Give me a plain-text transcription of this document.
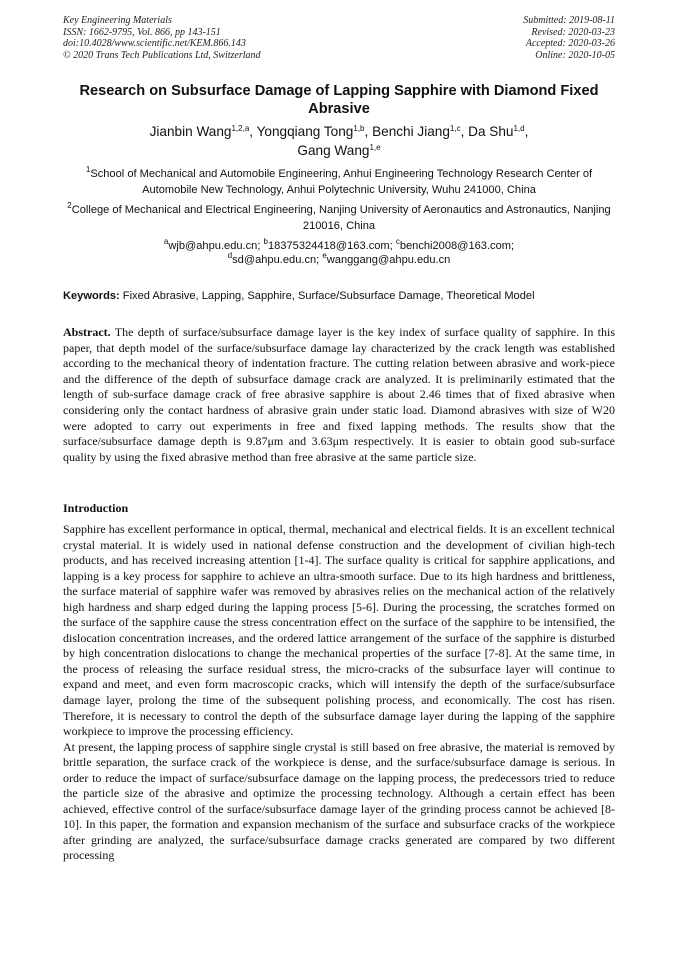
Key Engineering Materials
ISSN: 1662-9795, Vol. 866, pp 143-151
doi:10.4028/www.scientific.net/KEM.866.143
© 2020 Trans Tech Publications Ltd, Switzerland
Submitted: 2019-08-11
Revised: 2020-03-23
Accepted: 2020-03-26
Online: 2020-10-05
Research on Subsurface Damage of Lapping Sapphire with Diamond Fixed Abrasive
Jianbin Wang$^{1,2,a}$, Yongqiang Tong$^{1,b}$, Benchi Jiang$^{1,c}$, Da Shu$^{1,d}$,
Gang Wang$^{1,e}$
$^1$School of Mechanical and Automobile Engineering, Anhui Engineering Technology Research Center of Automobile New Technology, Anhui Polytechnic University, Wuhu 241000, China
$^2$College of Mechanical and Electrical Engineering, Nanjing University of Aeronautics and Astronautics, Nanjing 210016, China
$^a$wjb@ahpu.edu.cn; $^b$18375324418@163.com; $^c$benchi2008@163.com;
$^d$sd@ahpu.edu.cn; $^e$wanggang@ahpu.edu.cn
Keywords: Fixed Abrasive, Lapping, Sapphire, Surface/Subsurface Damage, Theoretical Model
Abstract. The depth of surface/subsurface damage layer is the key index of surface quality of sapphire. In this paper, that depth model of the surface/subsurface damage lay characterized by the crack length was established according to the mechanical theory of indentation fracture. The cutting relation between abrasive and work-piece and the difference of the depth of subsurface damage crack are analyzed. It is preliminarily estimated that the length of sub-surface damage crack of free abrasive sapphire is about 2.46 times that of fixed abrasive when considering only the contact hardness of abrasive grain under static load. Diamond abrasives with size of W20 were adopted to carry out experiments in free and fixed lapping methods. The results show that the surface/subsurface damage depth is 9.87μm and 3.63μm respectively. It is easier to obtain good sub-surface quality by using the fixed abrasive method than free abrasive at the same particle size.
Introduction

Sapphire has excellent performance in optical, thermal, mechanical and electrical fields. It is an excellent technical crystal material. It is widely used in national defense construction and the development of civilian high-tech products, and has received increasing attention [1-4]. The surface quality is critical for sapphire applications, and lapping is a key process for sapphire to achieve an ultra-smooth surface. Due to its high hardness and brittleness, the surface material of sapphire wafer was removed by abrasives relies on the mechanical action of the relatively high hardness and sharp edged during the lapping process [5-6]. During the processing, the scratches formed on the surface of the sapphire cause the stress concentration effect on the surface of the sapphire to be intensified, the dislocation concentration increases, and the ordered lattice arrangement of the surface of the sapphire is disturbed by high concentration dislocations to change the mechanical properties of the surface [7-8]. At the same time, in the process of releasing the surface residual stress, the micro-cracks of the subsurface layer will continue to expand and meet, and even form macroscopic cracks, which will intensify the depth of the surface/subsurface damage layer, prolong the time of the subsequent polishing process, and economically. The cost has risen. Therefore, it is necessary to control the depth of the subsurface damage layer during the lapping of the sapphire workpiece to improve the processing efficiency.

At present, the lapping process of sapphire single crystal is still based on free abrasive, the material is removed by brittle separation, the surface crack of the workpiece is dense, and the surface/subsurface damage is serious. In order to reduce the impact of surface/subsurface damage on the lapping process, the predecessors tried to reduce the particle size of the abrasive and optimize the processing technology. Although a certain effect has been achieved, effective control of the surface/subsurface damage layer of the grinding process cannot be achieved [8-10]. In this paper, the formation and expansion mechanism of the surface and subsurface cracks of the workpiece after grinding are analyzed, the surface/subsurface damage cracks generated are compared by two different processing
